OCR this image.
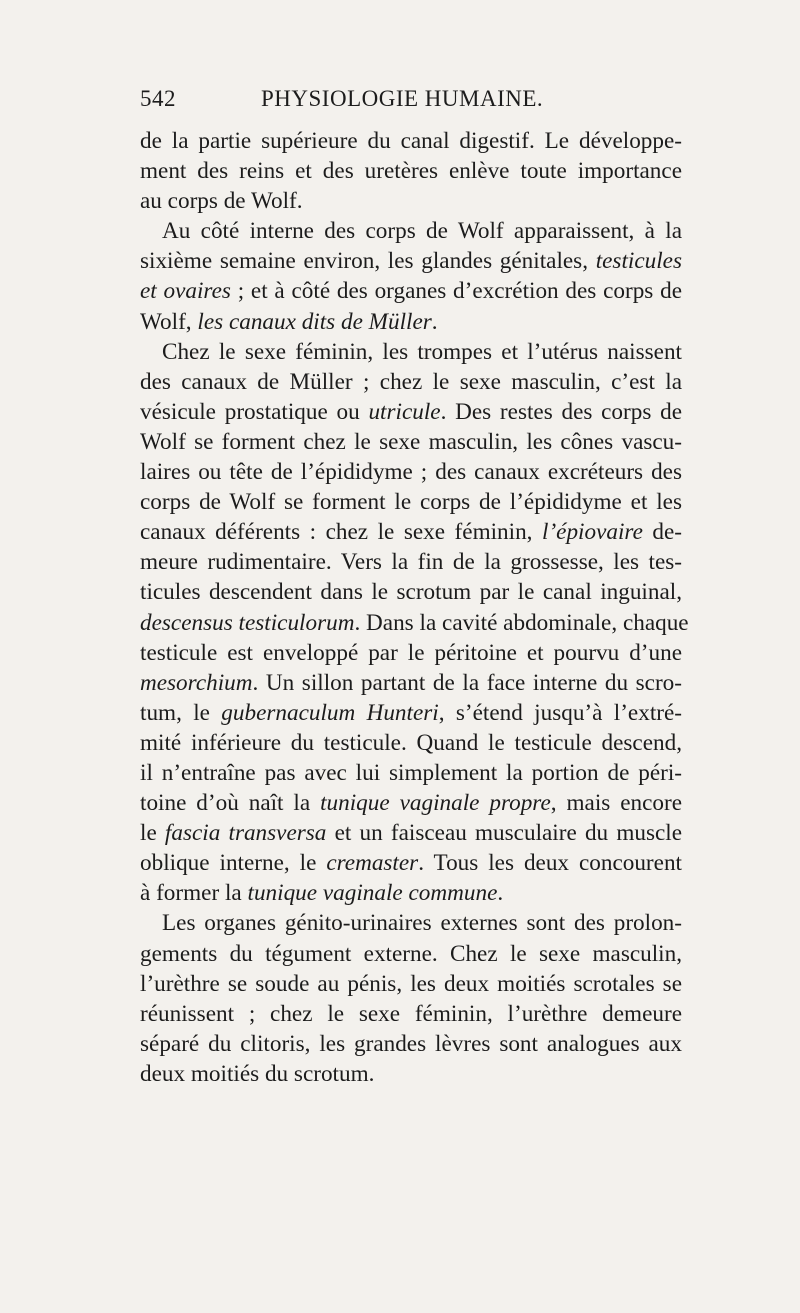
542	PHYSIOLOGIE HUMAINE.
de la partie supérieure du canal digestif. Le développe-
ment des reins et des uretères enlève toute importance
au corps de Wolf.
Au côté interne des corps de Wolf apparaissent, à la
sixième semaine environ, les glandes génitales, testicules
et ovaires ; et à côté des organes d’excrétion des corps de
Wolf, les canaux dits de Müller.
Chez le sexe féminin, les trompes et l’utérus naissent
des canaux de Müller ; chez le sexe masculin, c’est la
vésicule prostatique ou utricule. Des restes des corps de
Wolf se forment chez le sexe masculin, les cônes vascu-
laires ou tête de l’épididyme ; des canaux excréteurs des
corps de Wolf se forment le corps de l’épididyme et les
canaux déférents : chez le sexe féminin, l’épiovaire de-
meure rudimentaire. Vers la fin de la grossesse, les tes-
ticules descendent dans le scrotum par le canal inguinal,
descensus testiculorum. Dans la cavité abdominale, chaque
testicule est enveloppé par le péritoine et pourvu d’une
mesorchium. Un sillon partant de la face interne du scro-
tum, le gubernaculum Hunteri, s’étend jusqu’à l’extré-
mité inférieure du testicule. Quand le testicule descend,
il n’entraîne pas avec lui simplement la portion de péri-
toine d’où naît la tunique vaginale propre, mais encore
le fascia transversa et un faisceau musculaire du muscle
oblique interne, le cremaster. Tous les deux concourent
à former la tunique vaginale commune.
Les organes génito-urinaires externes sont des prolon-
gements du tégument externe. Chez le sexe masculin,
l’urèthre se soude au pénis, les deux moitiés scrotales se
réunissent ; chez le sexe féminin, l’urèthre demeure
séparé du clitoris, les grandes lèvres sont analogues aux
deux moitiés du scrotum.
